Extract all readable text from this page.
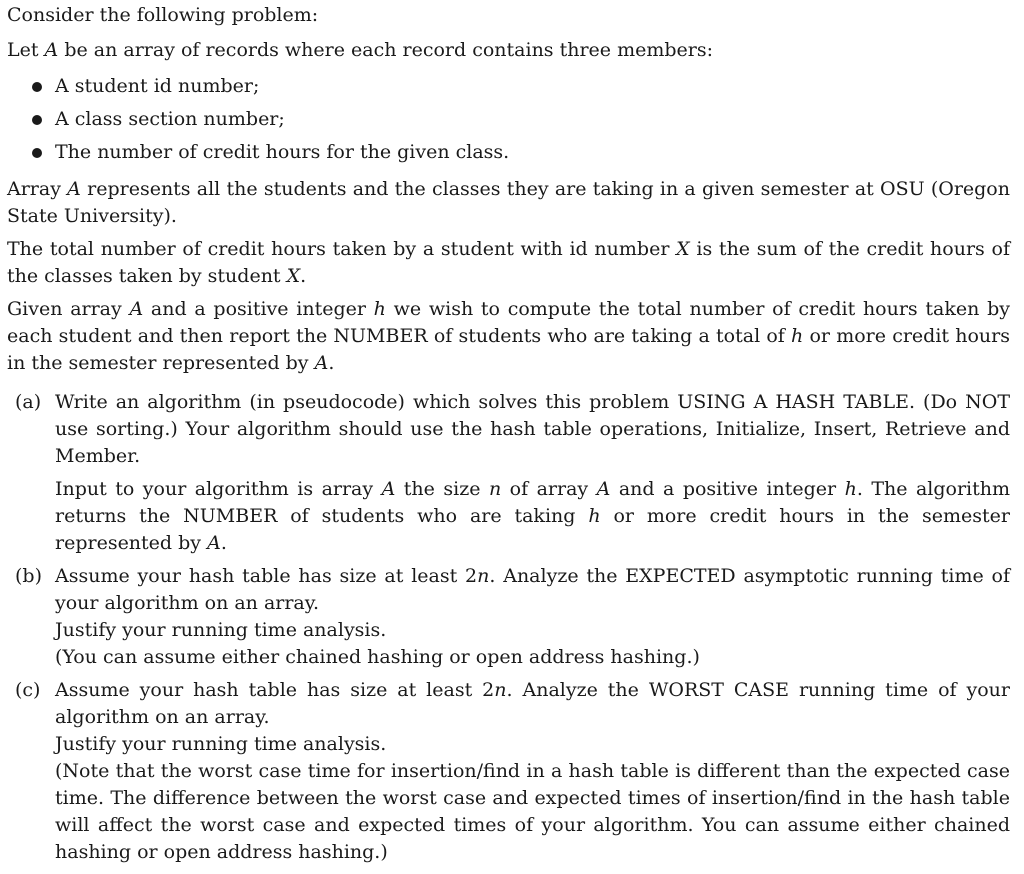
Consider the following problem:

Let A be an array of records where each record contains three members:

A student id number;
A class section number;
The number of credit hours for the given class.

Array A represents all the students and the classes they are taking in a given semester at OSU (Oregon State University).

The total number of credit hours taken by a student with id number X is the sum of the credit hours of the classes taken by student X.

Given array A and a positive integer h we wish to compute the total number of credit hours taken by each student and then report the NUMBER of students who are taking a total of h or more credit hours in the semester represented by A.

(a) Write an algorithm (in pseudocode) which solves this problem USING A HASH TABLE. (Do NOT use sorting.) Your algorithm should use the hash table operations, Initialize, Insert, Retrieve and Member.

Input to your algorithm is array A the size n of array A and a positive integer h. The algorithm returns the NUMBER of students who are taking h or more credit hours in the semester represented by A.

(b) Assume your hash table has size at least 2n. Analyze the EXPECTED asymptotic running time of your algorithm on an array.

Justify your running time analysis.

(You can assume either chained hashing or open address hashing.)

(c) Assume your hash table has size at least 2n. Analyze the WORST CASE running time of your algorithm on an array.

Justify your running time analysis.

(Note that the worst case time for insertion/find in a hash table is different than the expected case time. The difference between the worst case and expected times of insertion/find in the hash table will affect the worst case and expected times of your algorithm. You can assume either chained hashing or open address hashing.)
